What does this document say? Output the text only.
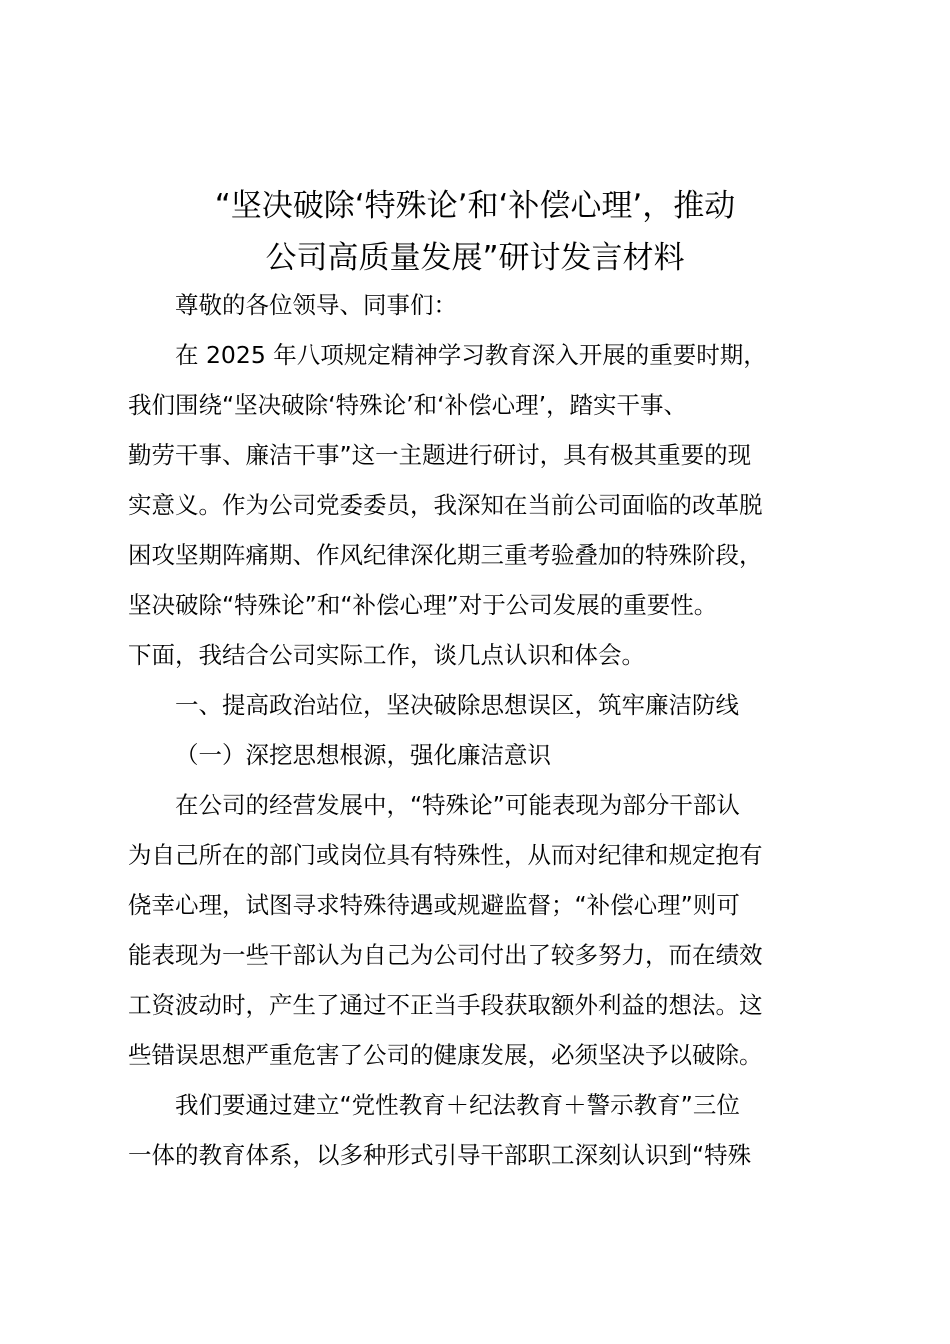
“坚决破除‘特殊论’和‘补偿心理’，推动
公司高质量发展”研讨发言材料
尊敬的各位领导、同事们：
在 2025 年八项规定精神学习教育深入开展的重要时期，
我们围绕“坚决破除‘特殊论’和‘补偿心理’，踏实干事、
勤劳干事、廉洁干事”这一主题进行研讨，具有极其重要的现
实意义。作为公司党委委员，我深知在当前公司面临的改革脱
困攻坚期阵痛期、作风纪律深化期三重考验叠加的特殊阶段，
坚决破除“特殊论”和“补偿心理”对于公司发展的重要性。
下面，我结合公司实际工作，谈几点认识和体会。
一、提高政治站位，坚决破除思想误区，筑牢廉洁防线
（一）深挖思想根源，强化廉洁意识
在公司的经营发展中，“特殊论”可能表现为部分干部认
为自己所在的部门或岗位具有特殊性，从而对纪律和规定抱有
侥幸心理，试图寻求特殊待遇或规避监督；“补偿心理”则可
能表现为一些干部认为自己为公司付出了较多努力，而在绩效
工资波动时，产生了通过不正当手段获取额外利益的想法。这
些错误思想严重危害了公司的健康发展，必须坚决予以破除。
我们要通过建立“党性教育＋纪法教育＋警示教育”三位
一体的教育体系，以多种形式引导干部职工深刻认识到“特殊
